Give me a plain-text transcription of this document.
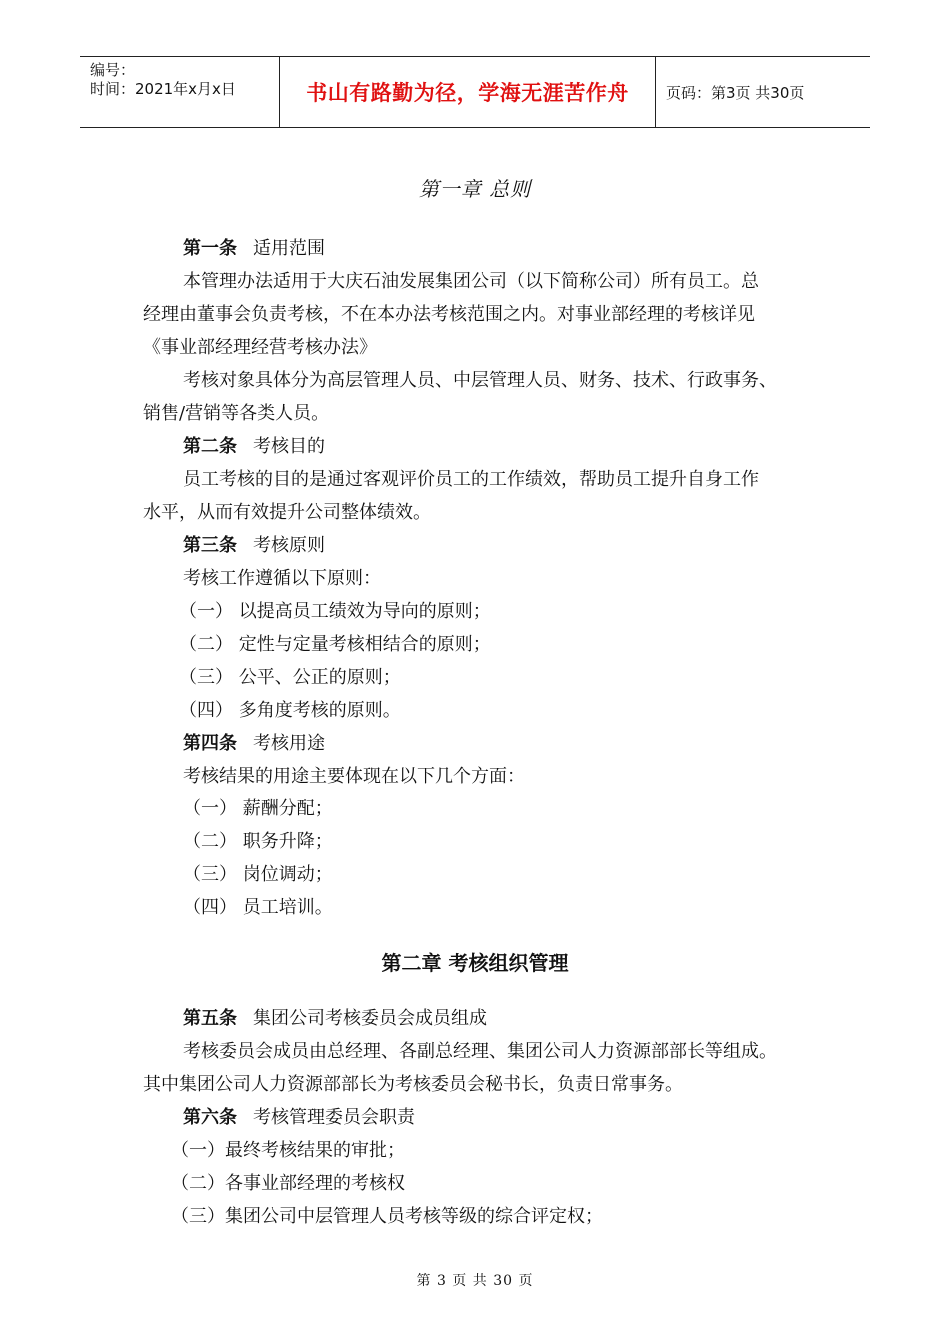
编号：
时间：2021年x月x日	书山有路勤为径，学海无涯苦作舟	页码：第3页 共30页
第一章 总则
第一条 适用范围
本管理办法适用于大庆石油发展集团公司（以下简称公司）所有员工。总
经理由董事会负责考核，不在本办法考核范围之内。对事业部经理的考核详见
《事业部经理经营考核办法》
考核对象具体分为高层管理人员、中层管理人员、财务、技术、行政事务、
销售/营销等各类人员。
第二条 考核目的
员工考核的目的是通过客观评价员工的工作绩效，帮助员工提升自身工作
水平，从而有效提升公司整体绩效。
第三条 考核原则
考核工作遵循以下原则：
（一） 以提高员工绩效为导向的原则；
（二） 定性与定量考核相结合的原则；
（三） 公平、公正的原则；
（四） 多角度考核的原则。
第四条 考核用途
考核结果的用途主要体现在以下几个方面：
（一） 薪酬分配；
（二） 职务升降；
（三） 岗位调动；
（四） 员工培训。
第五条 集团公司考核委员会成员组成
考核委员会成员由总经理、各副总经理、集团公司人力资源部部长等组成。
其中集团公司人力资源部部长为考核委员会秘书长，负责日常事务。
第六条 考核管理委员会职责
（一）最终考核结果的审批；
（二）各事业部经理的考核权
（三）集团公司中层管理人员考核等级的综合评定权；
第二章 考核组织管理
第 3 页 共 30 页
